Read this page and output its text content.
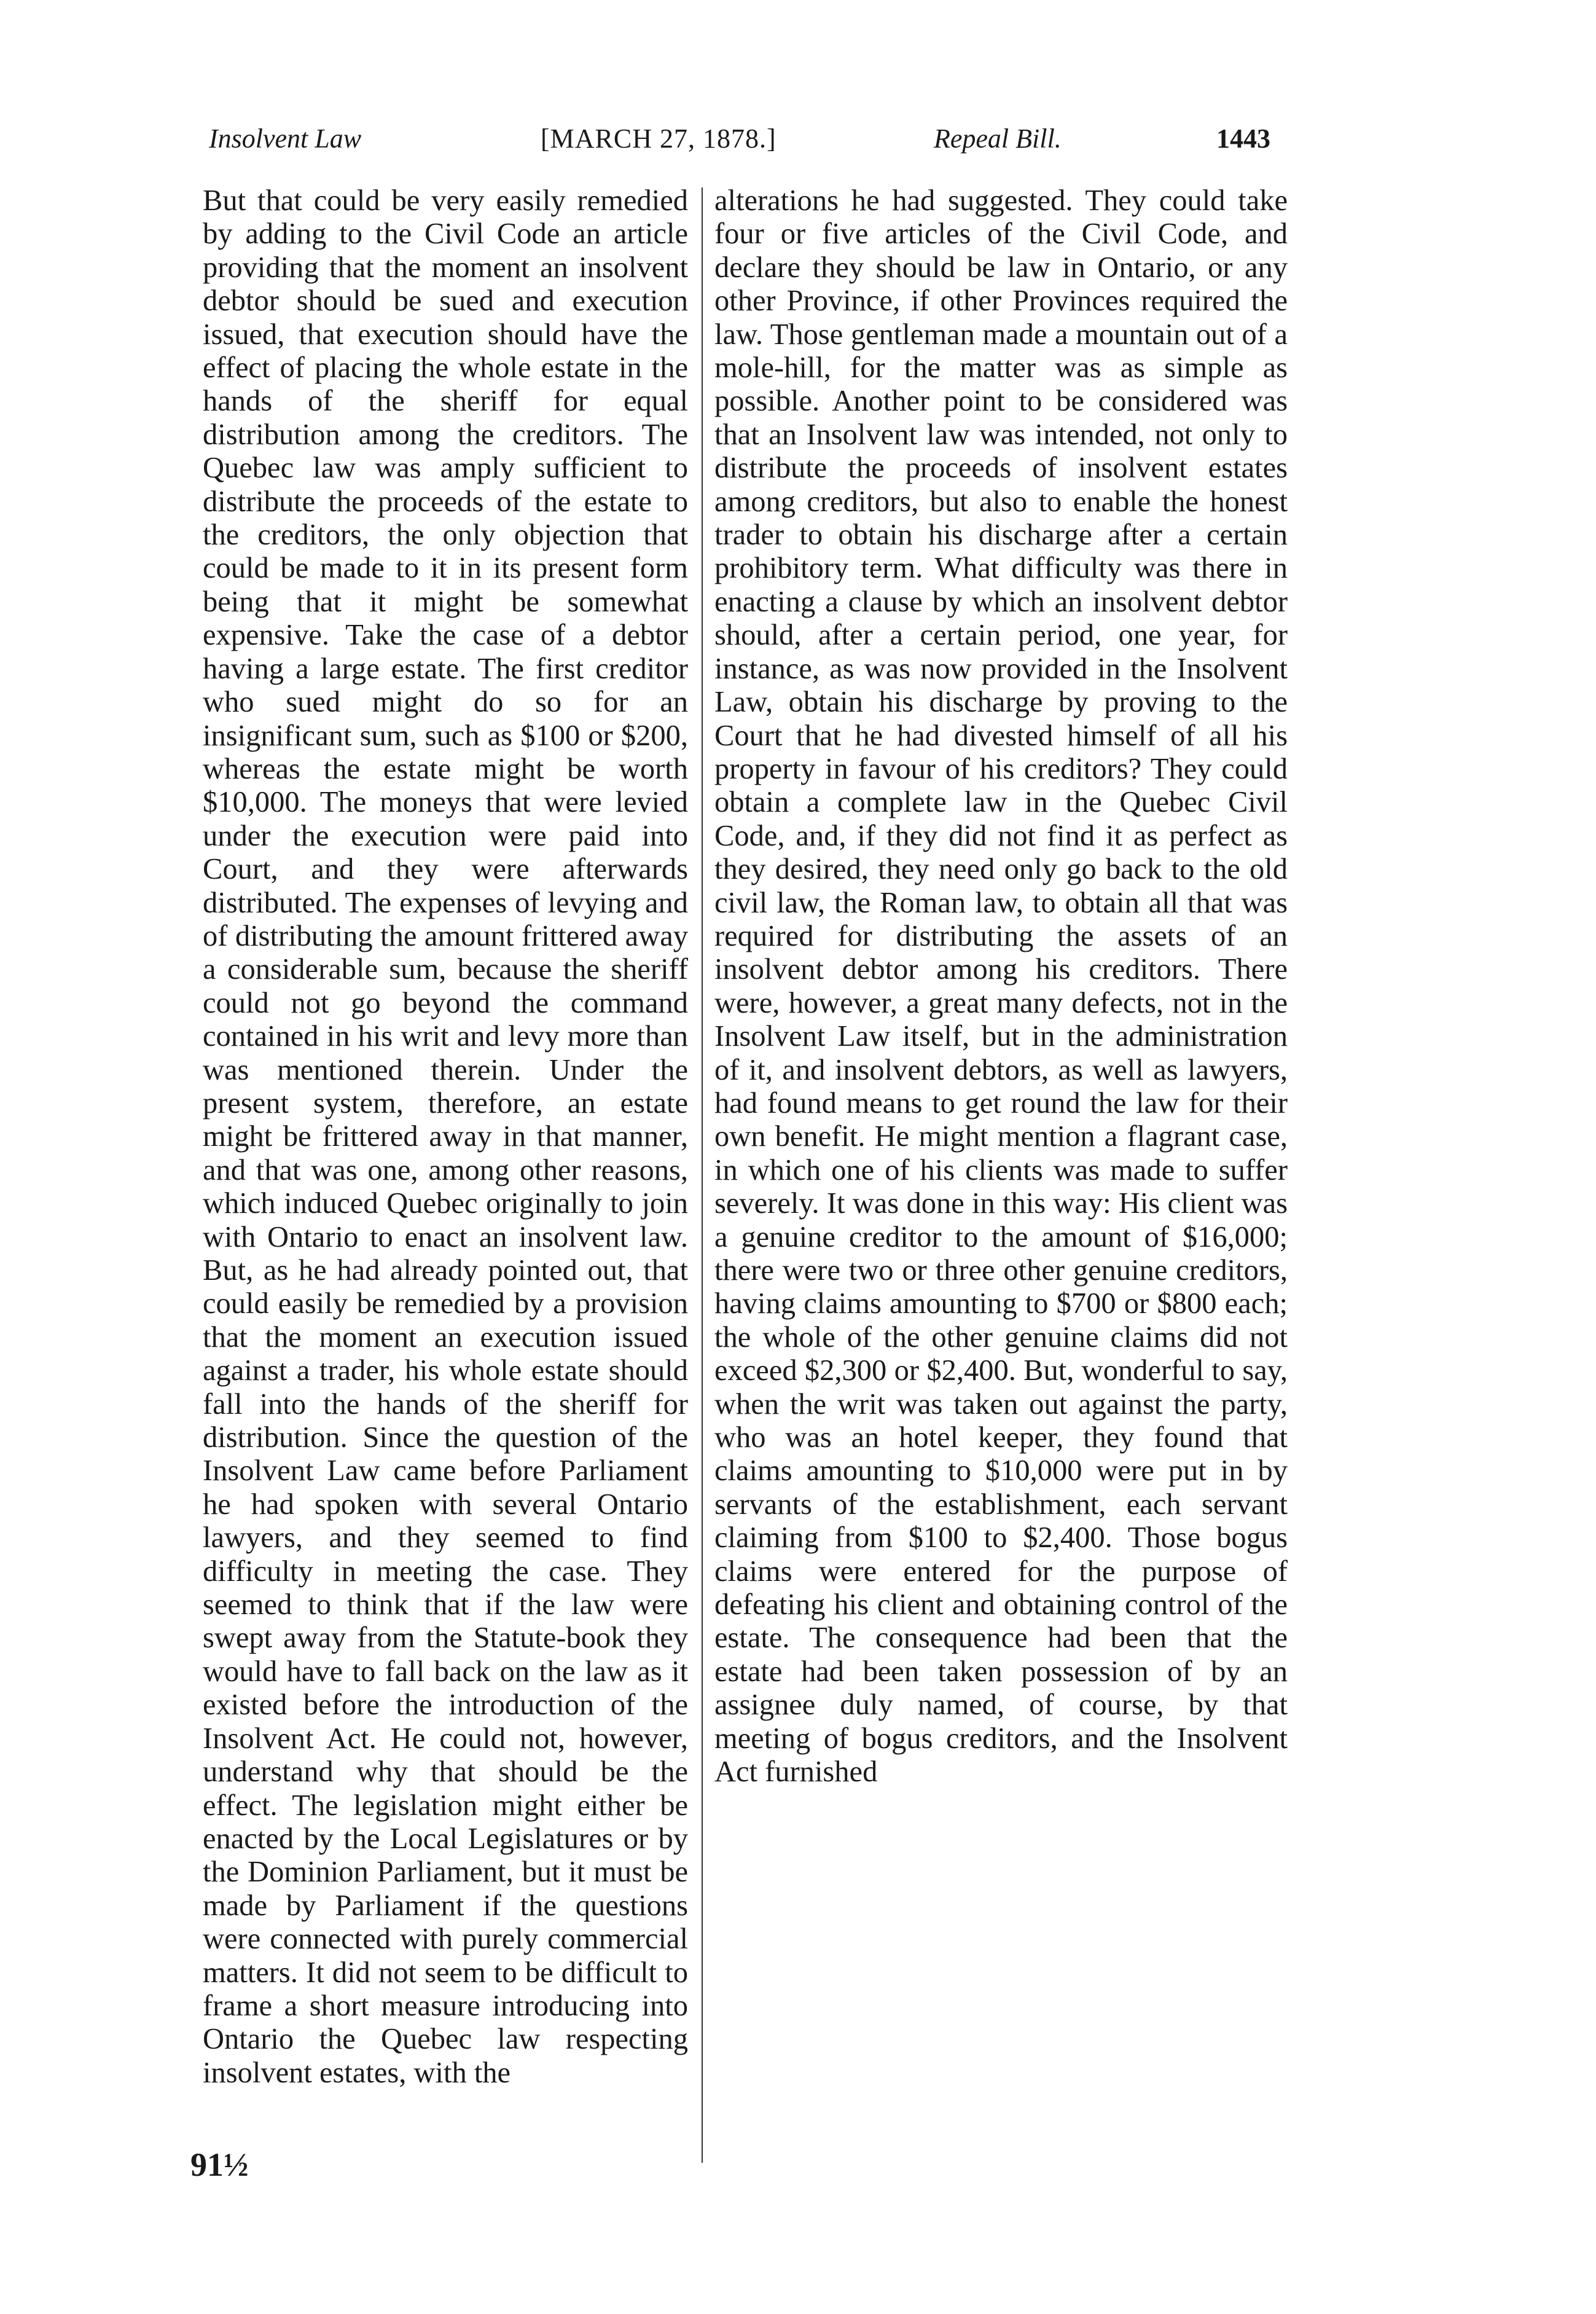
Insolvent Law	[MARCH 27, 1878.]	Repeal Bill.	1443

But that could be very easily remedied by adding to the Civil Code an article providing that the moment an insolvent debtor should be sued and execution issued, that execution should have the effect of placing the whole estate in the hands of the sheriff for equal distribution among the creditors. The Quebec law was amply sufficient to distribute the proceeds of the estate to the creditors, the only objection that could be made to it in its present form being that it might be somewhat expensive. Take the case of a debtor having a large estate. The first creditor who sued might do so for an insignificant sum, such as $100 or $200, whereas the estate might be worth $10,000. The moneys that were levied under the execution were paid into Court, and they were afterwards distributed. The expenses of levying and of distributing the amount frittered away a considerable sum, because the sheriff could not go beyond the command contained in his writ and levy more than was mentioned therein. Under the present system, therefore, an estate might be frittered away in that manner, and that was one, among other reasons, which induced Quebec originally to join with Ontario to enact an insolvent law. But, as he had already pointed out, that could easily be remedied by a provision that the moment an execution issued against a trader, his whole estate should fall into the hands of the sheriff for distribution. Since the question of the Insolvent Law came before Parliament he had spoken with several Ontario lawyers, and they seemed to find difficulty in meeting the case. They seemed to think that if the law were swept away from the Statute-book they would have to fall back on the law as it existed before the introduction of the Insolvent Act. He could not, however, understand why that should be the effect. The legislation might either be enacted by the Local Legislatures or by the Dominion Parliament, but it must be made by Parliament if the questions were connected with purely commercial matters. It did not seem to be difficult to frame a short measure introducing into Ontario the Quebec law respecting insolvent estates, with the

alterations he had suggested. They could take four or five articles of the Civil Code, and declare they should be law in Ontario, or any other Province, if other Provinces required the law. Those gentleman made a mountain out of a mole-hill, for the matter was as simple as possible. Another point to be considered was that an Insolvent law was intended, not only to distribute the proceeds of insolvent estates among creditors, but also to enable the honest trader to obtain his discharge after a certain prohibitory term. What difficulty was there in enacting a clause by which an insolvent debtor should, after a certain period, one year, for instance, as was now provided in the Insolvent Law, obtain his discharge by proving to the Court that he had divested himself of all his property in favour of his creditors? They could obtain a complete law in the Quebec Civil Code, and, if they did not find it as perfect as they desired, they need only go back to the old civil law, the Roman law, to obtain all that was required for distributing the assets of an insolvent debtor among his creditors. There were, however, a great many defects, not in the Insolvent Law itself, but in the administration of it, and insolvent debtors, as well as lawyers, had found means to get round the law for their own benefit. He might mention a flagrant case, in which one of his clients was made to suffer severely. It was done in this way: His client was a genuine creditor to the amount of $16,000; there were two or three other genuine creditors, having claims amounting to $700 or $800 each; the whole of the other genuine claims did not exceed $2,300 or $2,400. But, wonderful to say, when the writ was taken out against the party, who was an hotel keeper, they found that claims amounting to $10,000 were put in by servants of the establishment, each servant claiming from $100 to $2,400. Those bogus claims were entered for the purpose of defeating his client and obtaining control of the estate. The consequence had been that the estate had been taken possession of by an assignee duly named, of course, by that meeting of bogus creditors, and the Insolvent Act furnished

91½
